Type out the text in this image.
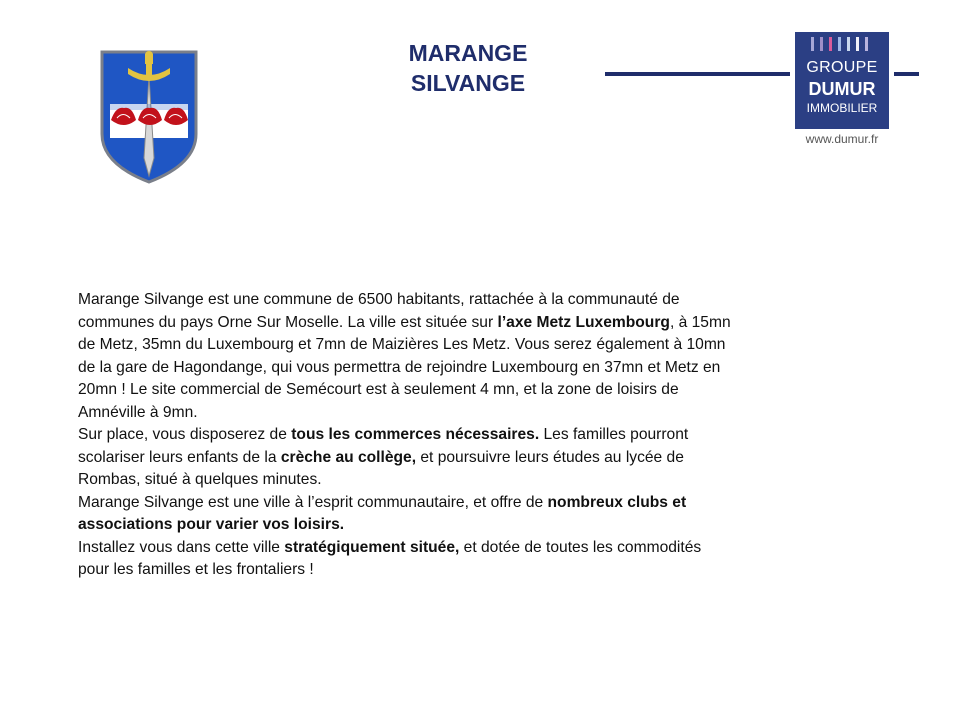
MARANGE
SILVANGE
GROUPE
DUMUR
IMMOBILIER
www.dumur.fr
Marange Silvange est une commune de 6500 habitants, rattachée à la communauté de
communes du pays Orne Sur Moselle. La ville est située sur l’axe Metz Luxembourg, à 15mn
de Metz, 35mn du Luxembourg et 7mn de Maizières Les Metz. Vous serez également à 10mn
de la gare de Hagondange, qui vous permettra de rejoindre Luxembourg en 37mn et Metz en
20mn ! Le site commercial de Semécourt est à seulement 4 mn, et la zone de loisirs de
Amnéville à 9mn.
Sur place, vous disposerez de tous les commerces nécessaires. Les familles pourront
scolariser leurs enfants de la crèche au collège, et poursuivre leurs études au lycée de
Rombas, situé à quelques minutes.
Marange Silvange est une ville à l’esprit communautaire, et offre de nombreux clubs et
associations pour varier vos loisirs.
Installez vous dans cette ville stratégiquement située, et dotée de toutes les commodités
pour les familles et les frontaliers !
